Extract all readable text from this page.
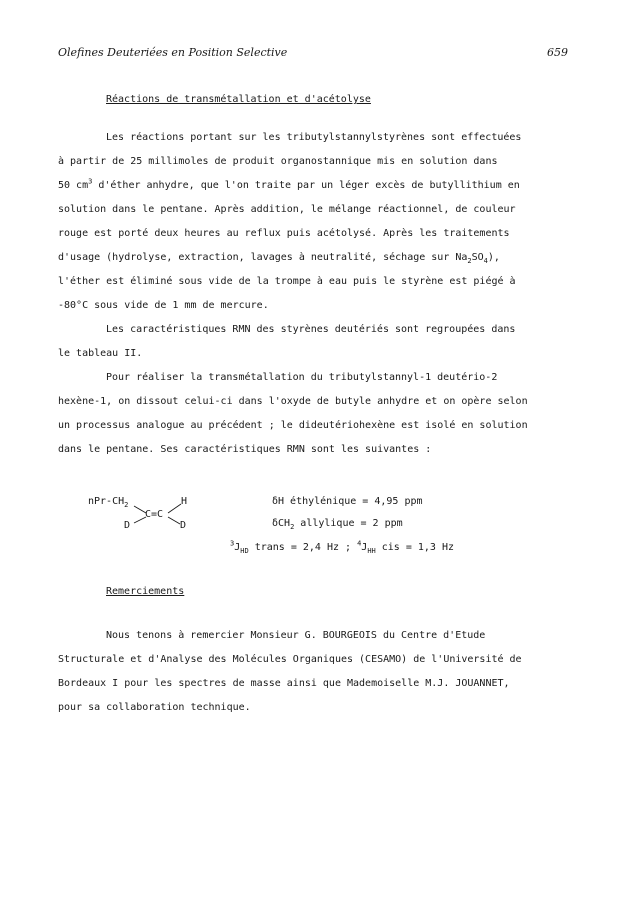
Olefines Deuteriées en Position Selective	659
Réactions de transmétallation et d'acétolyse
Les réactions portant sur les tributylstannylstyrènes sont effectuées
à partir de 25 millimoles de produit organostannique mis en solution dans
50 $cm^3$ d'éther anhydre, que l'on traite par un léger excès de butyllithium en
solution dans le pentane. Après addition, le mélange réactionnel, de couleur
rouge est porté deux heures au reflux puis acétolysé. Après les traitements
d'usage (hydrolyse, extraction, lavages à neutralité, séchage sur $Na_2SO_4$),
l'éther est éliminé sous vide de la trompe à eau puis le styrène est piégé à
-80°C sous vide de 1 mm de mercure.
Les caractéristiques RMN des styrènes deutériés sont regroupées dans
le tableau II.
Pour réaliser la transmétallation du tributylstannyl-1 deutério-2
hexène-1, on dissout celui-ci dans l'oxyde de butyle anhydre et on opère selon
un processus analogue au précédent ; le dideutériohexène est isolé en solution
dans le pentane. Ses caractéristiques RMN sont les suivantes :
nPr-$CH_2$	H
C=C
D	D
δH éthylénique = 4,95 ppm
δCH$_2$ allylique = 2 ppm
$^3J_{HD}$ trans = 2,4 Hz ; $^4J_{HH}$ cis = 1,3 Hz
Remerciements
Nous tenons à remercier Monsieur G. BOURGEOIS du Centre d'Etude
Structurale et d'Analyse des Molécules Organiques (CESAMO) de l'Université de
Bordeaux I pour les spectres de masse ainsi que Mademoiselle M.J. JOUANNET,
pour sa collaboration technique.
